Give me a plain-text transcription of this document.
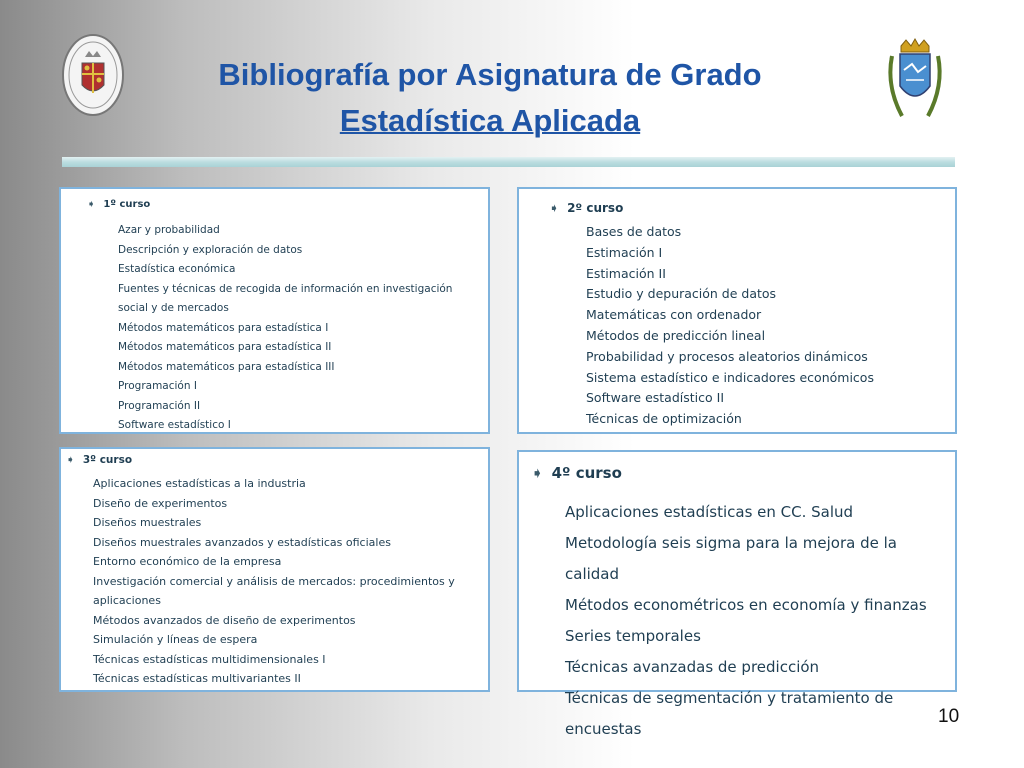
Bibliografía por Asignatura de Grado
Estadística Aplicada
➧ 1º curso
Azar y probabilidad
Descripción y exploración de datos
Estadística económica
Fuentes y técnicas de recogida de información en investigación social y de mercados
Métodos matemáticos para estadística I
Métodos matemáticos para estadística II
Métodos matemáticos para estadística III
Programación I
Programación II
Software estadístico I
➧ 2º curso
Bases de datos
Estimación I
Estimación II
Estudio y depuración de datos
Matemáticas con ordenador
Métodos de predicción lineal
Probabilidad y procesos aleatorios dinámicos
Sistema estadístico e indicadores económicos
Software estadístico II
Técnicas de optimización
➧ 3º curso
Aplicaciones estadísticas a la industria
Diseño de experimentos
Diseños muestrales
Diseños muestrales avanzados y estadísticas oficiales
Entorno económico de la empresa
Investigación comercial y análisis de mercados: procedimientos y aplicaciones
Métodos avanzados de diseño de experimentos
Simulación y líneas de espera
Técnicas estadísticas multidimensionales I
Técnicas estadísticas multivariantes II
➧ 4º curso
Aplicaciones estadísticas en CC. Salud
Metodología seis sigma para la mejora de la calidad
Métodos econométricos en economía y finanzas
Series temporales
Técnicas avanzadas de predicción
Técnicas de segmentación y tratamiento de encuestas
10
